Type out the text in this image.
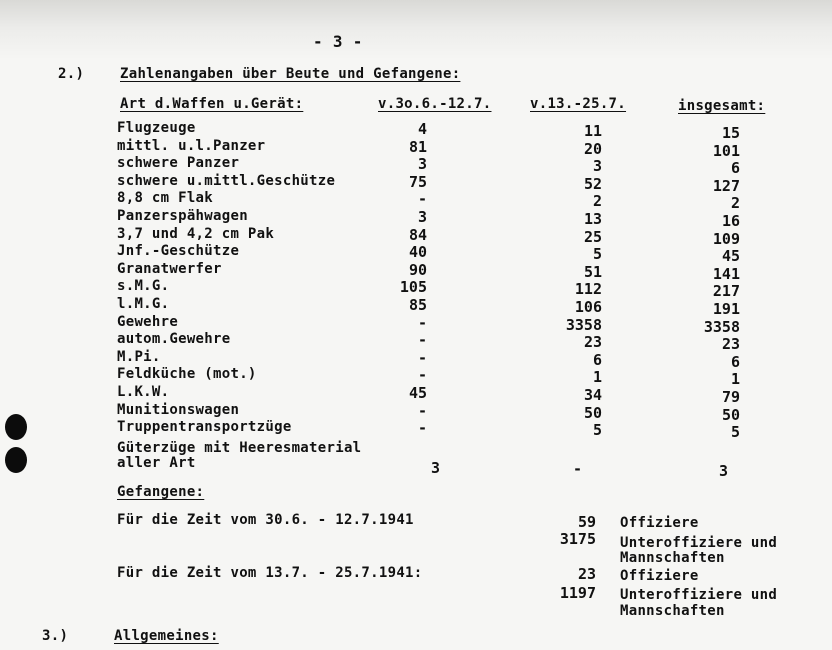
- 3 -
2.)	Zahlenangaben über Beute und Gefangene:
Art d.Waffen u.Gerät:	v.3o.6.-12.7.	v.13.-25.7.	insgesamt:
Flugzeuge	4	11	15
mittl. u.l.Panzer	81	20	101
schwere Panzer	3	3	6
schwere u.mittl.Geschütze	75	52	127
8,8 cm Flak	-	2	2
Panzerspähwagen	3	13	16
3,7 und 4,2 cm Pak	84	25	109
Jnf.-Geschütze	40	5	45
Granatwerfer	90	51	141
s.M.G.	105	112	217
l.M.G.	85	106	191
Gewehre	-	3358	3358
autom.Gewehre	-	23	23
M.Pi.	-	6	6
Feldküche (mot.)	-	1	1
L.K.W.	45	34	79
Munitionswagen	-	50	50
Truppentransportzüge	-	5	5
Güterzüge mit Heeresmaterial
aller Art	3	-	3
Gefangene:
Für die Zeit vom 30.6. - 12.7.1941	59 Offiziere
3175 Unteroffiziere und
Mannschaften
Für die Zeit vom 13.7. - 25.7.1941:	23 Offiziere
1197 Unteroffiziere und
Mannschaften
3.)	Allgemeines:
